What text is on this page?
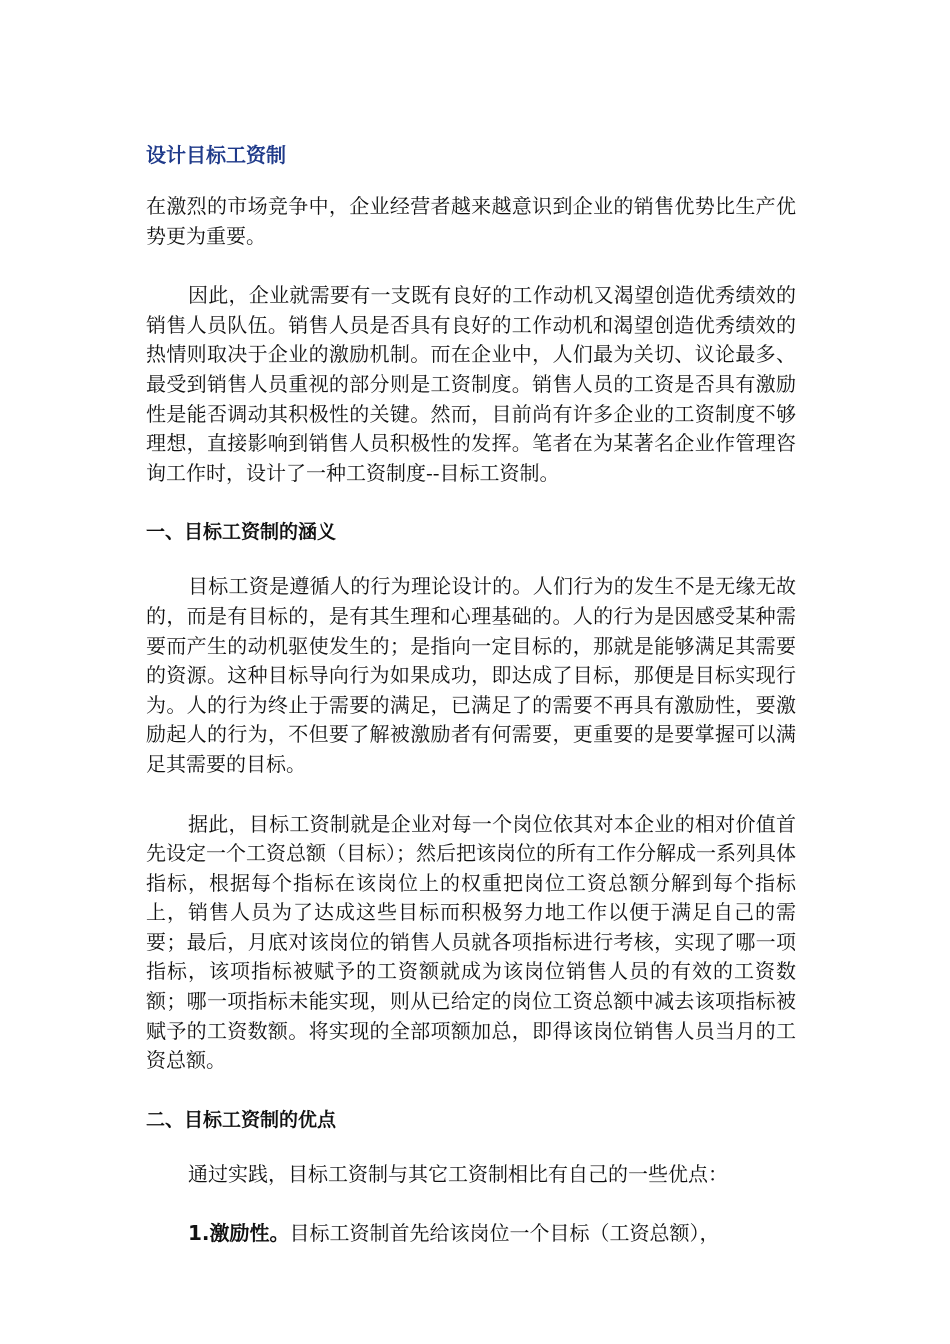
设计目标工资制

在激烈的市场竞争中，企业经营者越来越意识到企业的销售优势比生产优势更为重要。

因此，企业就需要有一支既有良好的工作动机又渴望创造优秀绩效的销售人员队伍。销售人员是否具有良好的工作动机和渴望创造优秀绩效的热情则取决于企业的激励机制。而在企业中，人们最为关切、议论最多、最受到销售人员重视的部分则是工资制度。销售人员的工资是否具有激励性是能否调动其积极性的关键。然而，目前尚有许多企业的工资制度不够理想，直接影响到销售人员积极性的发挥。笔者在为某著名企业作管理咨询工作时，设计了一种工资制度--目标工资制。

一、目标工资制的涵义

目标工资是遵循人的行为理论设计的。人们行为的发生不是无缘无故的，而是有目标的，是有其生理和心理基础的。人的行为是因感受某种需要而产生的动机驱使发生的；是指向一定目标的，那就是能够满足其需要的资源。这种目标导向行为如果成功，即达成了目标，那便是目标实现行为。人的行为终止于需要的满足，已满足了的需要不再具有激励性，要激励起人的行为，不但要了解被激励者有何需要，更重要的是要掌握可以满足其需要的目标。

据此，目标工资制就是企业对每一个岗位依其对本企业的相对价值首先设定一个工资总额（目标）；然后把该岗位的所有工作分解成一系列具体指标，根据每个指标在该岗位上的权重把岗位工资总额分解到每个指标上，销售人员为了达成这些目标而积极努力地工作以便于满足自己的需要；最后，月底对该岗位的销售人员就各项指标进行考核，实现了哪一项指标，该项指标被赋予的工资额就成为该岗位销售人员的有效的工资数额；哪一项指标未能实现，则从已给定的岗位工资总额中减去该项指标被赋予的工资数额。将实现的全部项额加总，即得该岗位销售人员当月的工资总额。

二、目标工资制的优点

通过实践，目标工资制与其它工资制相比有自己的一些优点：

1.激励性。目标工资制首先给该岗位一个目标（工资总额），
